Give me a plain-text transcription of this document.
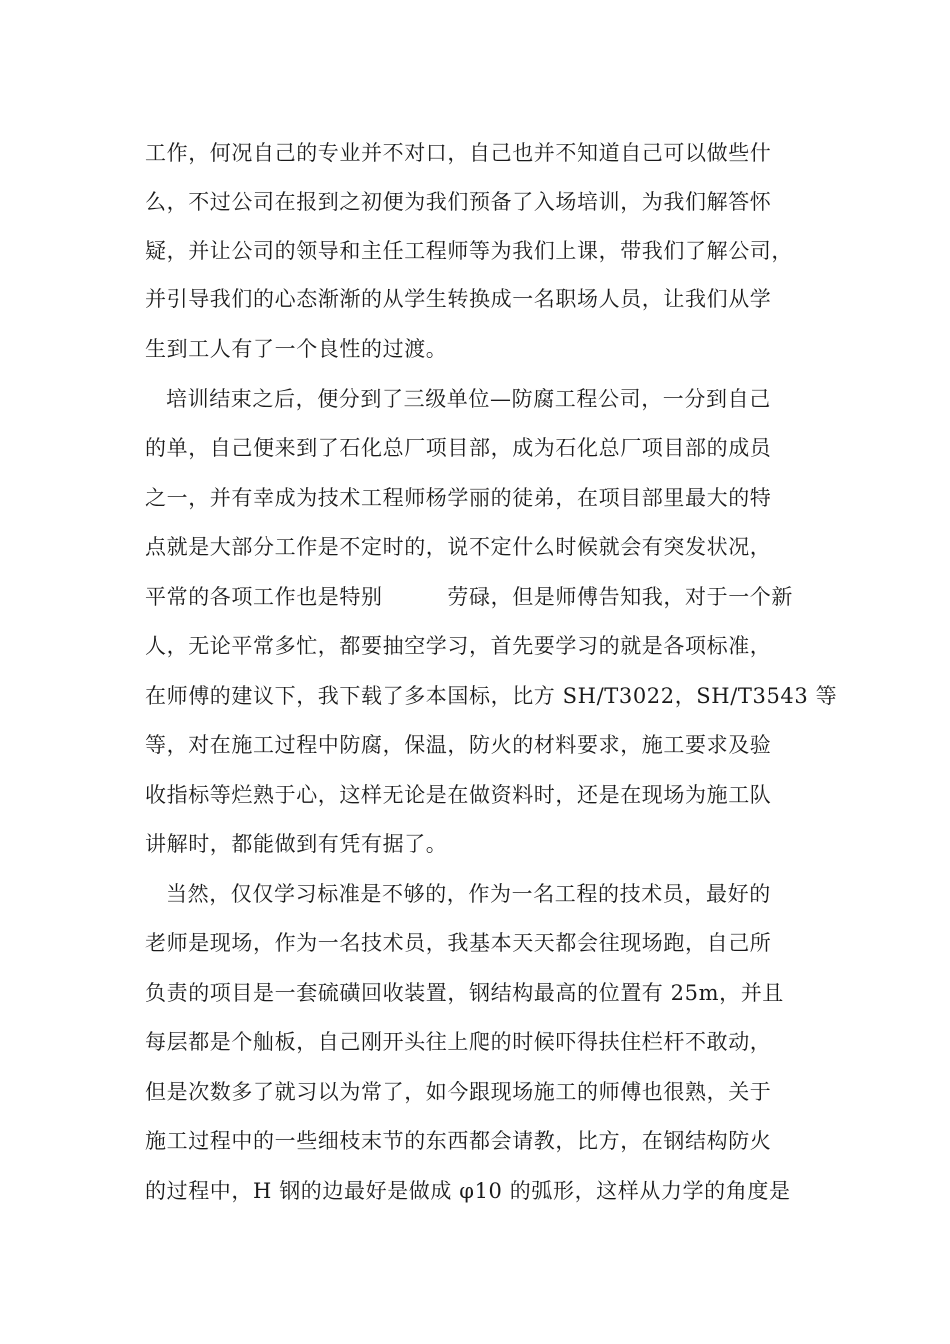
工作，何况自己的专业并不对口，自己也并不知道自己可以做些什
么，不过公司在报到之初便为我们预备了入场培训，为我们解答怀
疑，并让公司的领导和主任工程师等为我们上课，带我们了解公司，
并引导我们的心态渐渐的从学生转换成一名职场人员，让我们从学
生到工人有了一个良性的过渡。
培训结束之后，便分到了三级单位—防腐工程公司，一分到自己
的单，自己便来到了石化总厂项目部，成为石化总厂项目部的成员
之一，并有幸成为技术工程师杨学丽的徒弟，在项目部里最大的特
点就是大部分工作是不定时的，说不定什么时候就会有突发状况，
平常的各项工作也是特别　　　劳碌，但是师傅告知我，对于一个新
人，无论平常多忙，都要抽空学习，首先要学习的就是各项标准，
在师傅的建议下，我下载了多本国标，比方 SH/T3022，SH/T3543 等
等，对在施工过程中防腐，保温，防火的材料要求，施工要求及验
收指标等烂熟于心，这样无论是在做资料时，还是在现场为施工队
讲解时，都能做到有凭有据了。
当然，仅仅学习标准是不够的，作为一名工程的技术员，最好的
老师是现场，作为一名技术员，我基本天天都会往现场跑，自己所
负责的项目是一套硫磺回收装置，钢结构最高的位置有 25m，并且
每层都是个舢板，自己刚开头往上爬的时候吓得扶住栏杆不敢动，
但是次数多了就习以为常了，如今跟现场施工的师傅也很熟，关于
施工过程中的一些细枝末节的东西都会请教，比方，在钢结构防火
的过程中，H 钢的边最好是做成 φ10 的弧形，这样从力学的角度是
